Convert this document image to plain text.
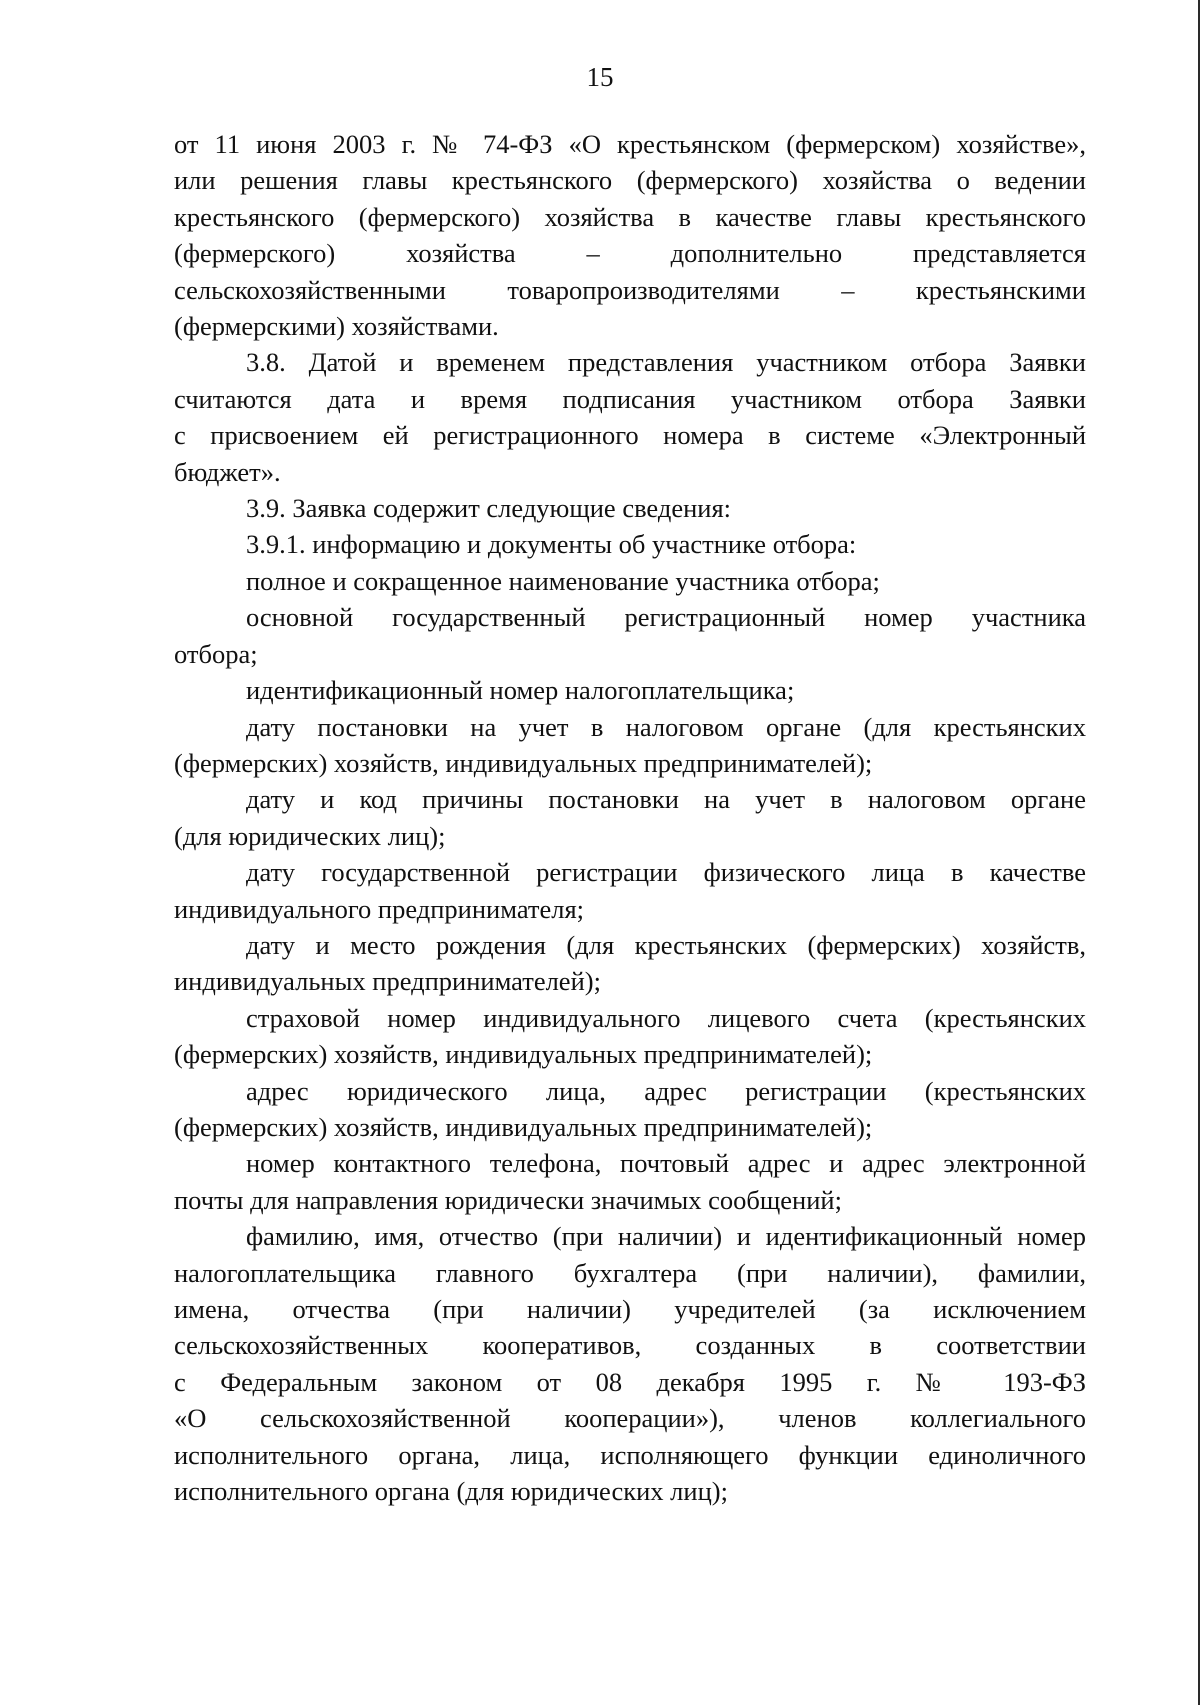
15
от 11 июня 2003 г. № 74-ФЗ «О крестьянском (фермерском) хозяйстве»,
или решения главы крестьянского (фермерского) хозяйства о ведении
крестьянского (фермерского) хозяйства в качестве главы крестьянского
(фермерского) хозяйства – дополнительно представляется
сельскохозяйственными товаропроизводителями – крестьянскими
(фермерскими) хозяйствами.
3.8. Датой и временем представления участником отбора Заявки
считаются дата и время подписания участником отбора Заявки
с присвоением ей регистрационного номера в системе «Электронный
бюджет».
3.9. Заявка содержит следующие сведения:
3.9.1. информацию и документы об участнике отбора:
полное и сокращенное наименование участника отбора;
основной государственный регистрационный номер участника
отбора;
идентификационный номер налогоплательщика;
дату постановки на учет в налоговом органе (для крестьянских
(фермерских) хозяйств, индивидуальных предпринимателей);
дату и код причины постановки на учет в налоговом органе
(для юридических лиц);
дату государственной регистрации физического лица в качестве
индивидуального предпринимателя;
дату и место рождения (для крестьянских (фермерских) хозяйств,
индивидуальных предпринимателей);
страховой номер индивидуального лицевого счета (крестьянских
(фермерских) хозяйств, индивидуальных предпринимателей);
адрес юридического лица, адрес регистрации (крестьянских
(фермерских) хозяйств, индивидуальных предпринимателей);
номер контактного телефона, почтовый адрес и адрес электронной
почты для направления юридически значимых сообщений;
фамилию, имя, отчество (при наличии) и идентификационный номер
налогоплательщика главного бухгалтера (при наличии), фамилии,
имена, отчества (при наличии) учредителей (за исключением
сельскохозяйственных кооперативов, созданных в соответствии
с Федеральным законом от 08 декабря 1995 г. № 193-ФЗ
«О сельскохозяйственной кооперации»), членов коллегиального
исполнительного органа, лица, исполняющего функции единоличного
исполнительного органа (для юридических лиц);
